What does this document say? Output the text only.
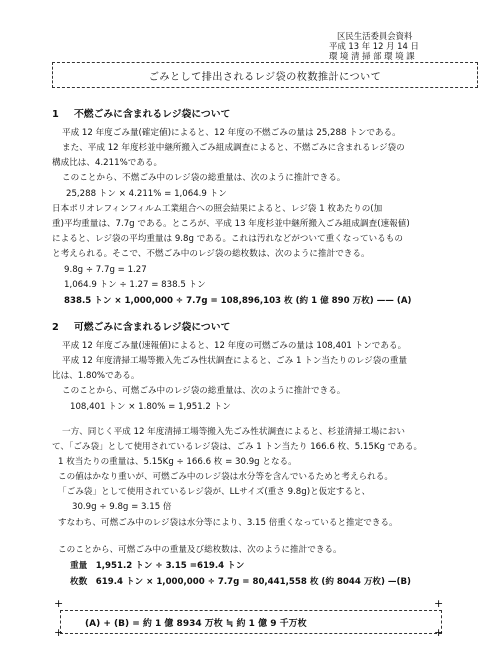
区民生活委員会資料
平成 13 年 12 月 14 日
環 境 清 掃 部 環 境 課
ごみとして排出されるレジ袋の枚数推計について
1 不燃ごみに含まれるレジ袋について
平成 12 年度ごみ量(確定値)によると、12 年度の不燃ごみの量は 25,288 トンである。
また、平成 12 年度杉並中継所搬入ごみ組成調査によると、不燃ごみに含まれるレジ袋の
構成比は、4.211%である。
このことから、不燃ごみ中のレジ袋の総重量は、次のように推計できる。
25,288 トン × 4.211% = 1,064.9 トン
日本ポリオレフィンフィルム工業組合への照会結果によると、レジ袋 1 枚あたりの(加
重)平均重量は、7.7g である。ところが、平成 13 年度杉並中継所搬入ごみ組成調査(速報値)
によると、レジ袋の平均重量は 9.8g である。これは汚れなどがついて重くなっているもの
と考えられる。そこで、不燃ごみ中のレジ袋の総枚数は、次のように推計できる。
9.8g ÷ 7.7g = 1.27
1,064.9 トン ÷ 1.27 = 838.5 トン
838.5 トン × 1,000,000 ÷ 7.7g = 108,896,103 枚 (約 1 億 890 万枚) —— (A)
2 可燃ごみに含まれるレジ袋について
平成 12 年度ごみ量(速報値)によると、12 年度の可燃ごみの量は 108,401 トンである。
平成 12 年度清掃工場等搬入先ごみ性状調査によると、ごみ 1 トン当たりのレジ袋の重量
比は、1.80%である。
このことから、可燃ごみ中のレジ袋の総重量は、次のように推計できる。
108,401 トン × 1.80% = 1,951.2 トン
一方、同じく平成 12 年度清掃工場等搬入先ごみ性状調査によると、杉並清掃工場におい
て、「ごみ袋」として使用されているレジ袋は、ごみ 1 トン当たり 166.6 枚、5.15Kg である。
1 枚当たりの重量は、5.15Kg ÷ 166.6 枚 = 30.9g となる。
この値はかなり重いが、可燃ごみ中のレジ袋は水分等を含んでいるためと考えられる。
「ごみ袋」として使用されているレジ袋が、LLサイズ(重さ 9.8g)と仮定すると、
30.9g ÷ 9.8g = 3.15 倍
すなわち、可燃ごみ中のレジ袋は水分等により、3.15 倍重くなっていると推定できる。
このことから、可燃ごみ中の重量及び総枚数は、次のように推計できる。
重量　1,951.2 トン ÷ 3.15 =619.4 トン
枚数　619.4 トン × 1,000,000 ÷ 7.7g = 80,441,558 枚 (約 8044 万枚) —(B)
+	+
(A) + (B) = 約 1 億 8934 万枚 ≒ 約 1 億 9 千万枚
+	+
